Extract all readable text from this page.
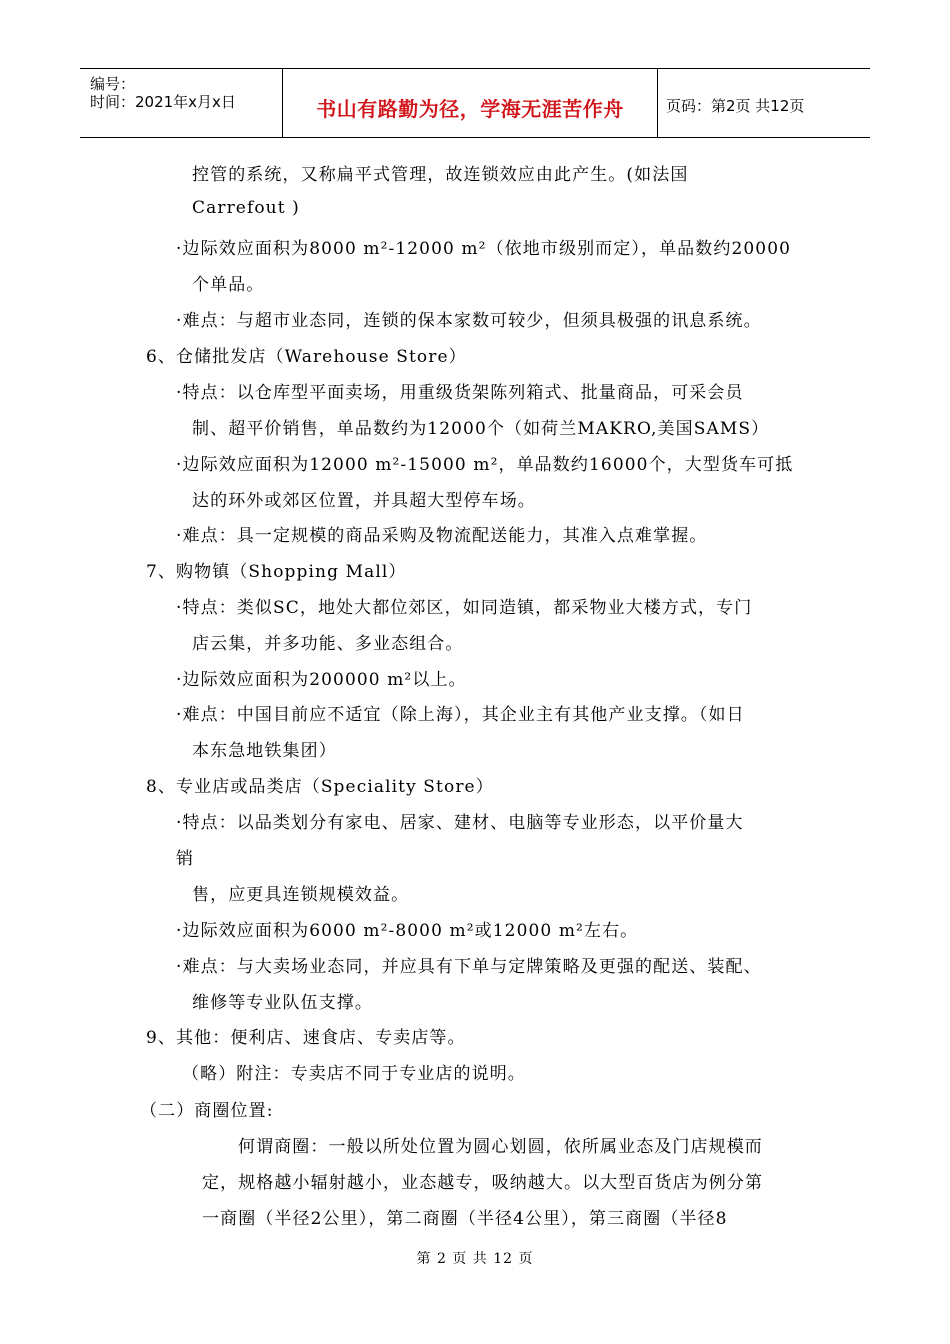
编号：
时间：2021年x月x日	书山有路勤为径，学海无涯苦作舟	页码：第2页 共12页
控管的系统，又称扁平式管理，故连锁效应由此产生。(如法国
Carrefout )
·边际效应面积为8000 m²-12000 m²（依地市级别而定），单品数约20000
个单品。
·难点：与超市业态同，连锁的保本家数可较少，但须具极强的讯息系统。
6、仓储批发店（Warehouse Store）
·特点：以仓库型平面卖场，用重级货架陈列箱式、批量商品，可采会员
制、超平价销售，单品数约为12000个（如荷兰MAKRO,美国SAMS）
·边际效应面积为12000 m²-15000 m²，单品数约16000个，大型货车可抵
达的环外或郊区位置，并具超大型停车场。
·难点：具一定规模的商品采购及物流配送能力，其准入点难掌握。
7、购物镇（Shopping Mall）
·特点：类似SC，地处大都位郊区，如同造镇，都采物业大楼方式，专门
店云集，并多功能、多业态组合。
·边际效应面积为200000 m²以上。
·难点：中国目前应不适宜（除上海），其企业主有其他产业支撑。（如日
本东急地铁集团）
8、专业店或品类店（Speciality Store）
·特点：以品类划分有家电、居家、建材、电脑等专业形态，以平价量大
销
售，应更具连锁规模效益。
·边际效应面积为6000 m²-8000 m²或12000 m²左右。
·难点：与大卖场业态同，并应具有下单与定牌策略及更强的配送、装配、
维修等专业队伍支撑。
9、其他：便利店、速食店、专卖店等。
（略）附注：专卖店不同于专业店的说明。
（二）商圈位置:
何谓商圈：一般以所处位置为圆心划圆，依所属业态及门店规模而
定，规格越小辐射越小，业态越专，吸纳越大。以大型百货店为例分第
一商圈（半径2公里），第二商圈（半径4公里），第三商圈（半径8
第 2 页 共 12 页
